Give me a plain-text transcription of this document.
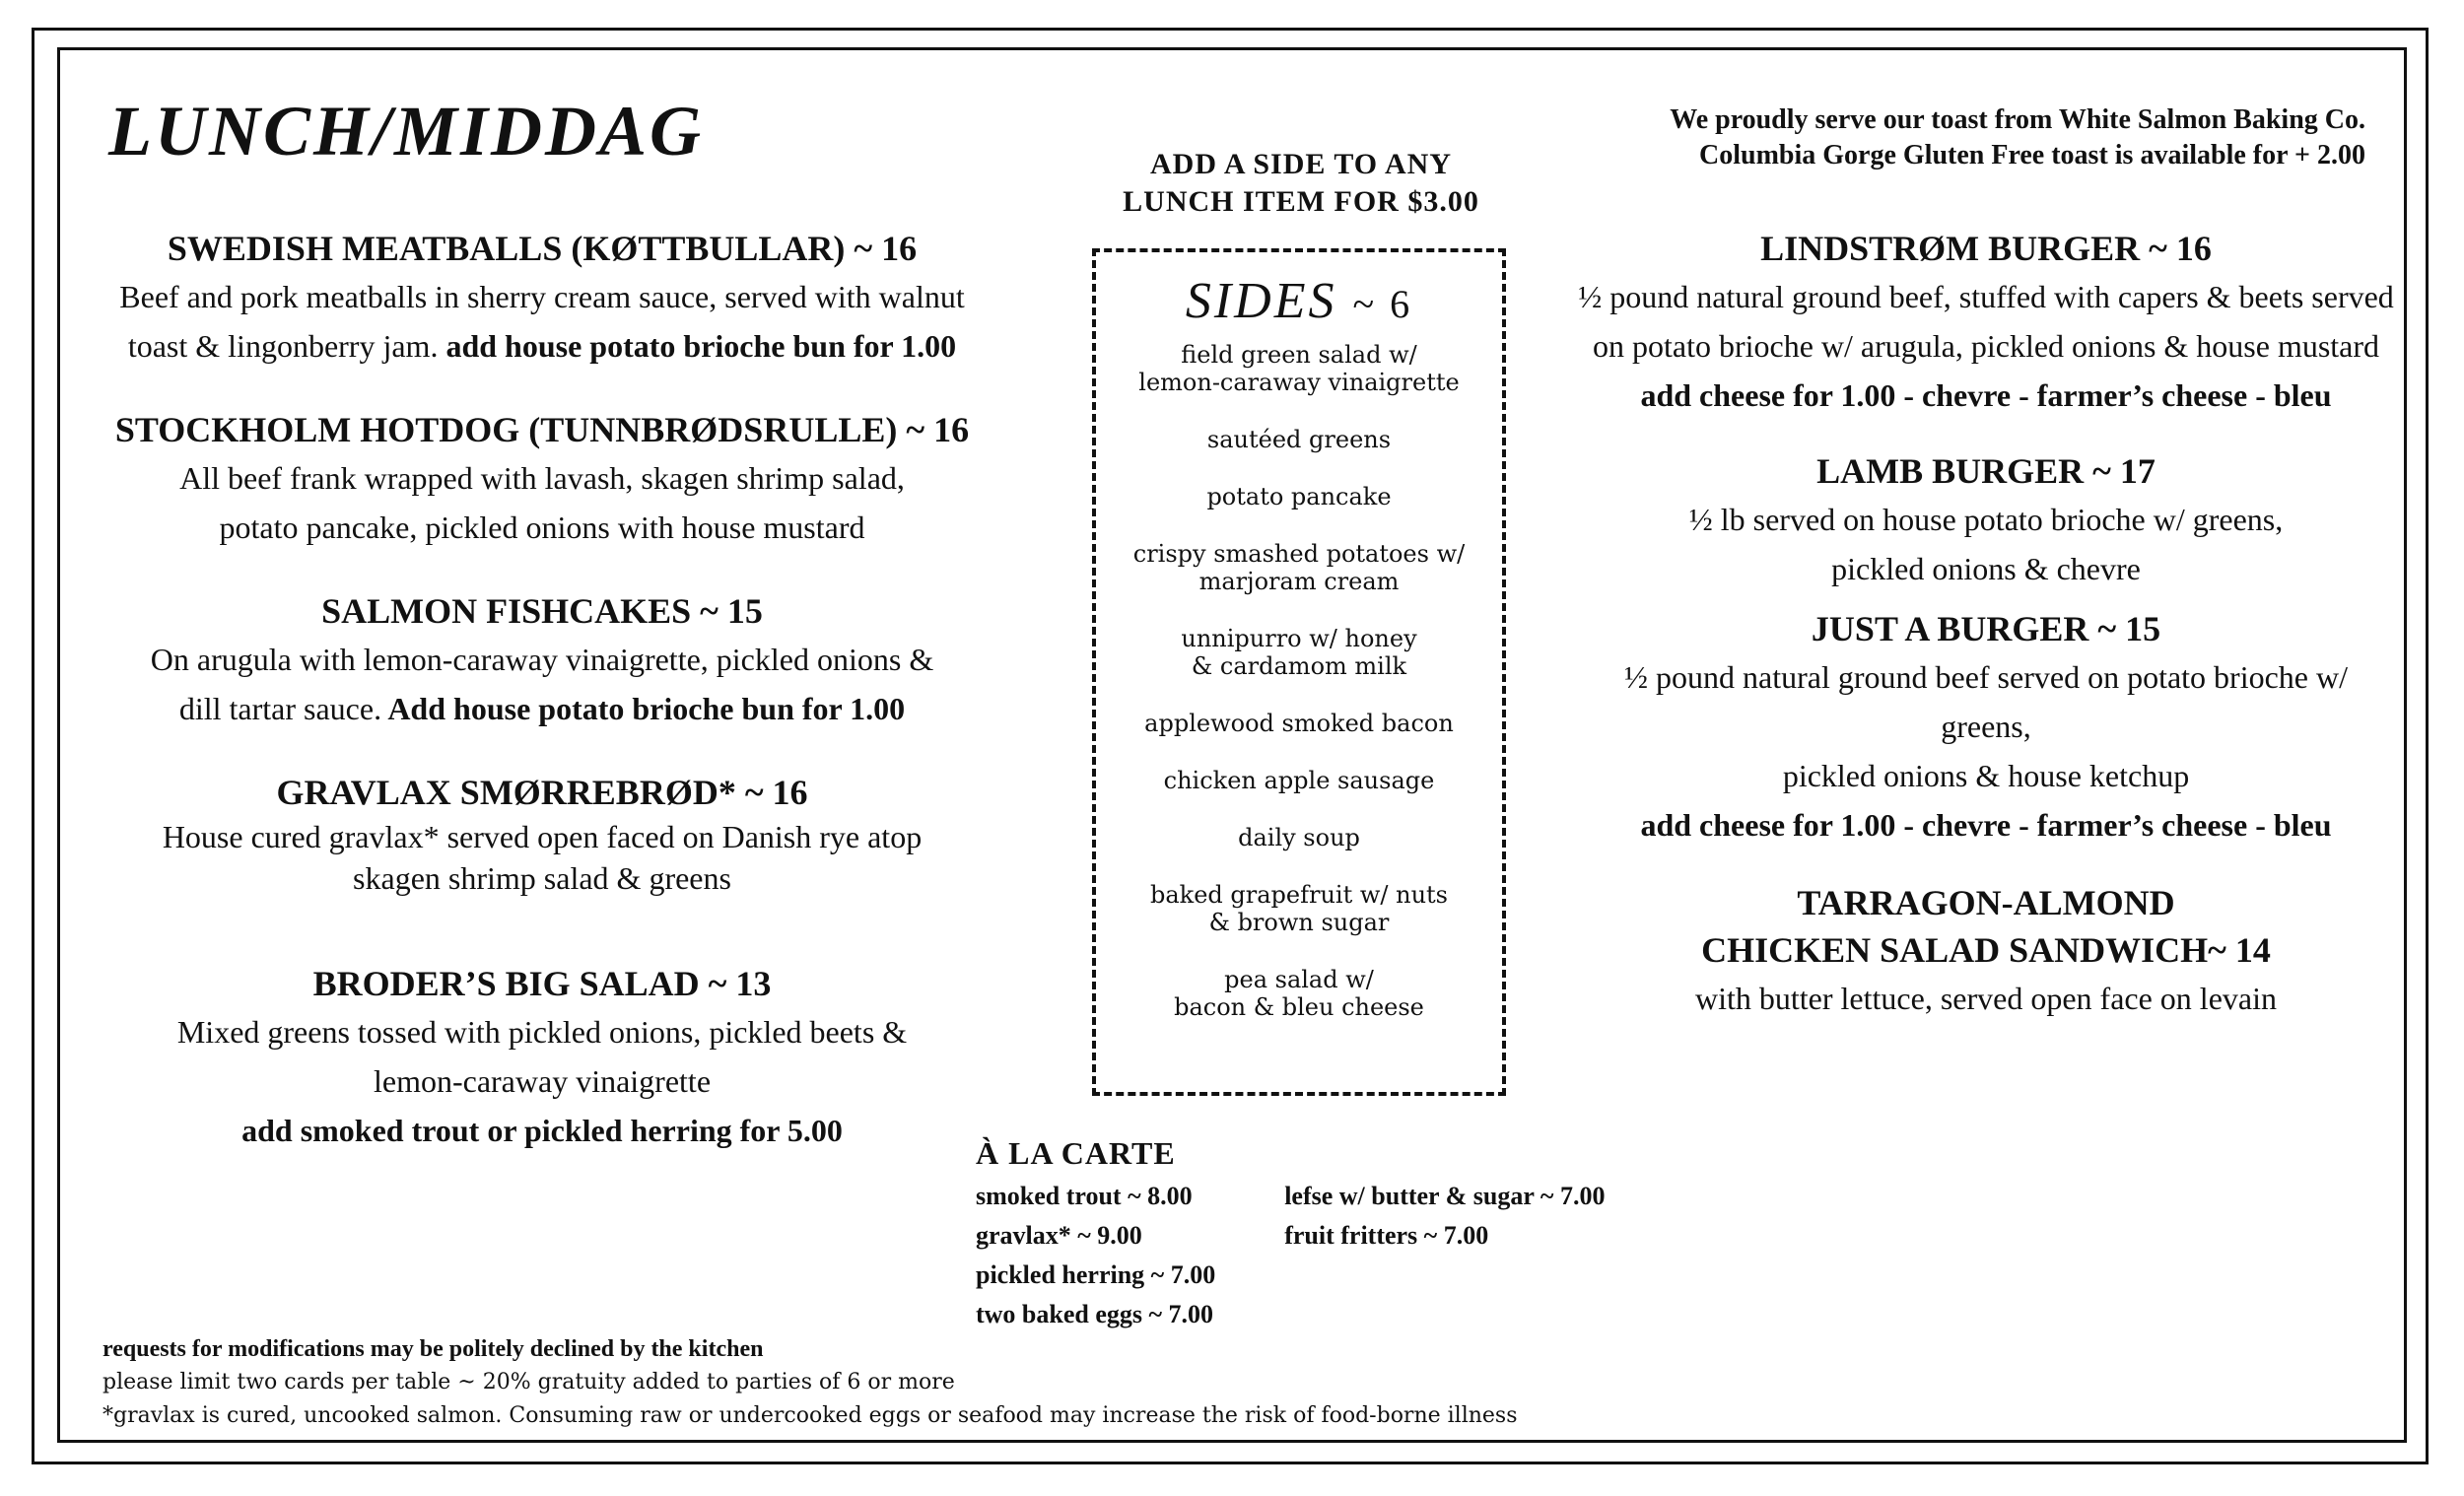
LUNCH/MIDDAG	We proudly serve our toast from White Salmon Baking Co.
Columbia Gorge Gluten Free toast is available for + 2.00
SWEDISH MEATBALLS (KØTTBULLAR) ~ 16
Beef and pork meatballs in sherry cream sauce, served with walnut
toast & lingonberry jam. add house potato brioche bun for 1.00
STOCKHOLM HOTDOG (TUNNBRØDSRULLE) ~ 16
All beef frank wrapped with lavash, skagen shrimp salad,
potato pancake, pickled onions with house mustard
SALMON FISHCAKES ~ 15
On arugula with lemon-caraway vinaigrette, pickled onions &
dill tartar sauce. Add house potato brioche bun for 1.00
GRAVLAX SMØRREBRØD* ~ 16
House cured gravlax* served open faced on Danish rye atop
skagen shrimp salad & greens
BRODER’S BIG SALAD ~ 13
Mixed greens tossed with pickled onions, pickled beets &
lemon-caraway vinaigrette
add smoked trout or pickled herring for 5.00
ADD A SIDE TO ANY
LUNCH ITEM FOR $3.00
SIDES ~ 6
field green salad w/
lemon-caraway vinaigrette
sautéed greens
potato pancake
crispy smashed potatoes w/
marjoram cream
unnipurro w/ honey
& cardamom milk
applewood smoked bacon
chicken apple sausage
daily soup
baked grapefruit w/ nuts
& brown sugar
pea salad w/
bacon & bleu cheese
LINDSTRØM BURGER ~ 16
½ pound natural ground beef, stuffed with capers & beets served
on potato brioche w/ arugula, pickled onions & house mustard
add cheese for 1.00 - chevre - farmer’s cheese - bleu
LAMB BURGER ~ 17
½ lb served on house potato brioche w/ greens,
pickled onions & chevre
JUST A BURGER ~ 15
½ pound natural ground beef served on potato brioche w/ greens,
pickled onions & house ketchup
add cheese for 1.00 - chevre - farmer’s cheese - bleu
TARRAGON-ALMOND
CHICKEN SALAD SANDWICH~ 14
with butter lettuce, served open face on levain
À LA CARTE
smoked trout ~ 8.00
gravlax* ~ 9.00
pickled herring ~ 7.00
two baked eggs ~ 7.00
lefse w/ butter & sugar ~ 7.00
fruit fritters ~ 7.00
requests for modifications may be politely declined by the kitchen
please limit two cards per table ~ 20% gratuity added to parties of 6 or more
*gravlax is cured, uncooked salmon. Consuming raw or undercooked eggs or seafood may increase the risk of food-borne illness
